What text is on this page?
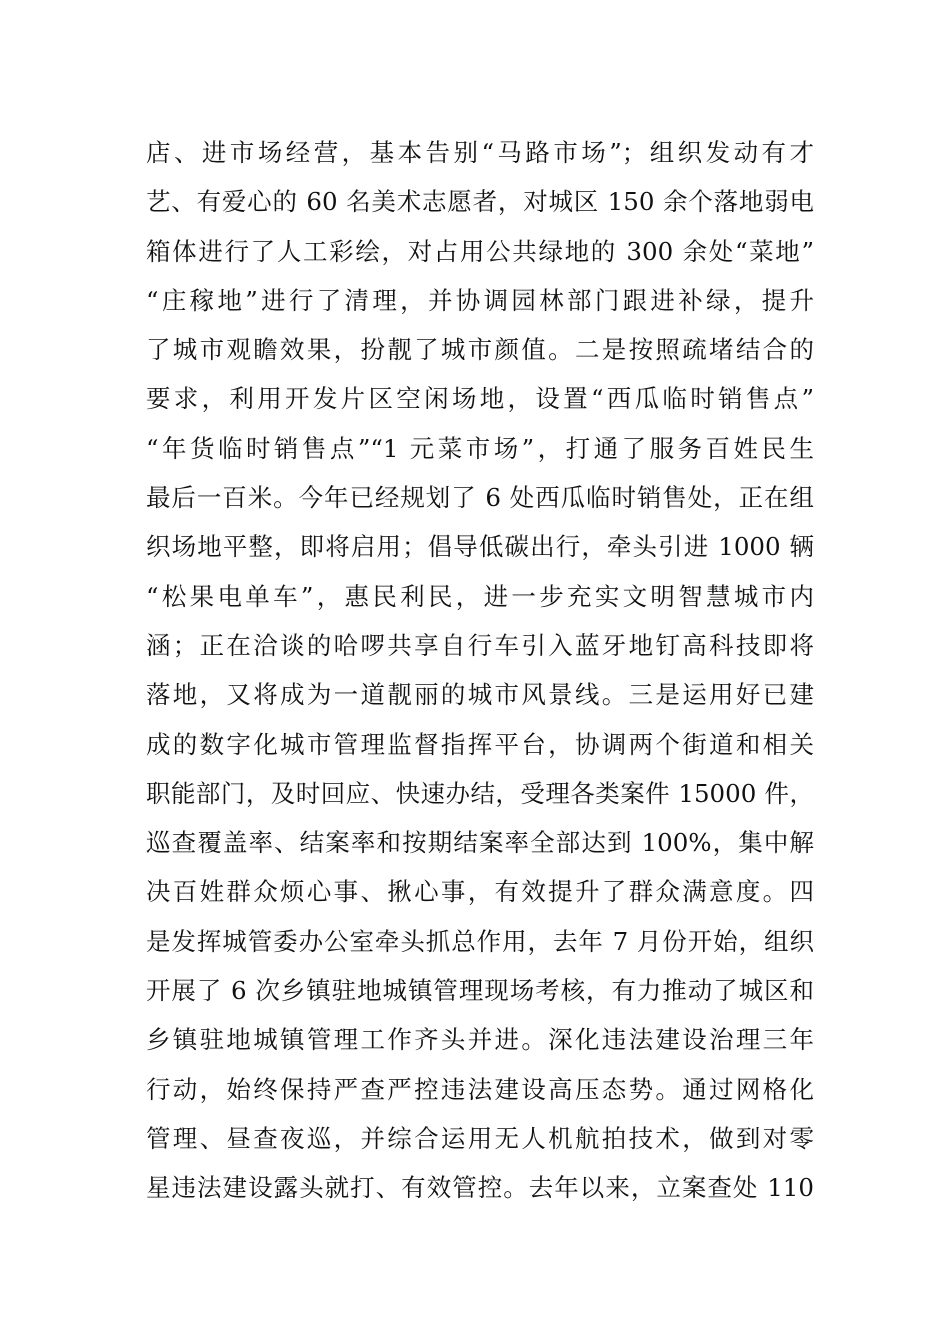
店、进市场经营，基本告别“马路市场”；组织发动有才
艺、有爱心的 60 名美术志愿者，对城区 150 余个落地弱电
箱体进行了人工彩绘，对占用公共绿地的 300 余处“菜地”
“庄稼地”进行了清理，并协调园林部门跟进补绿，提升
了城市观瞻效果，扮靓了城市颜值。二是按照疏堵结合的
要求，利用开发片区空闲场地，设置“西瓜临时销售点”
“年货临时销售点”“1 元菜市场”，打通了服务百姓民生
最后一百米。今年已经规划了 6 处西瓜临时销售处，正在组
织场地平整，即将启用；倡导低碳出行，牵头引进 1000 辆
“松果电单车”，惠民利民，进一步充实文明智慧城市内
涵；正在洽谈的哈啰共享自行车引入蓝牙地钉高科技即将
落地，又将成为一道靓丽的城市风景线。三是运用好已建
成的数字化城市管理监督指挥平台，协调两个街道和相关
职能部门，及时回应、快速办结，受理各类案件 15000 件，
巡查覆盖率、结案率和按期结案率全部达到 100%，集中解
决百姓群众烦心事、揪心事，有效提升了群众满意度。四
是发挥城管委办公室牵头抓总作用，去年 7 月份开始，组织
开展了 6 次乡镇驻地城镇管理现场考核，有力推动了城区和
乡镇驻地城镇管理工作齐头并进。深化违法建设治理三年
行动，始终保持严查严控违法建设高压态势。通过网格化
管理、昼查夜巡，并综合运用无人机航拍技术，做到对零
星违法建设露头就打、有效管控。去年以来，立案查处 110
